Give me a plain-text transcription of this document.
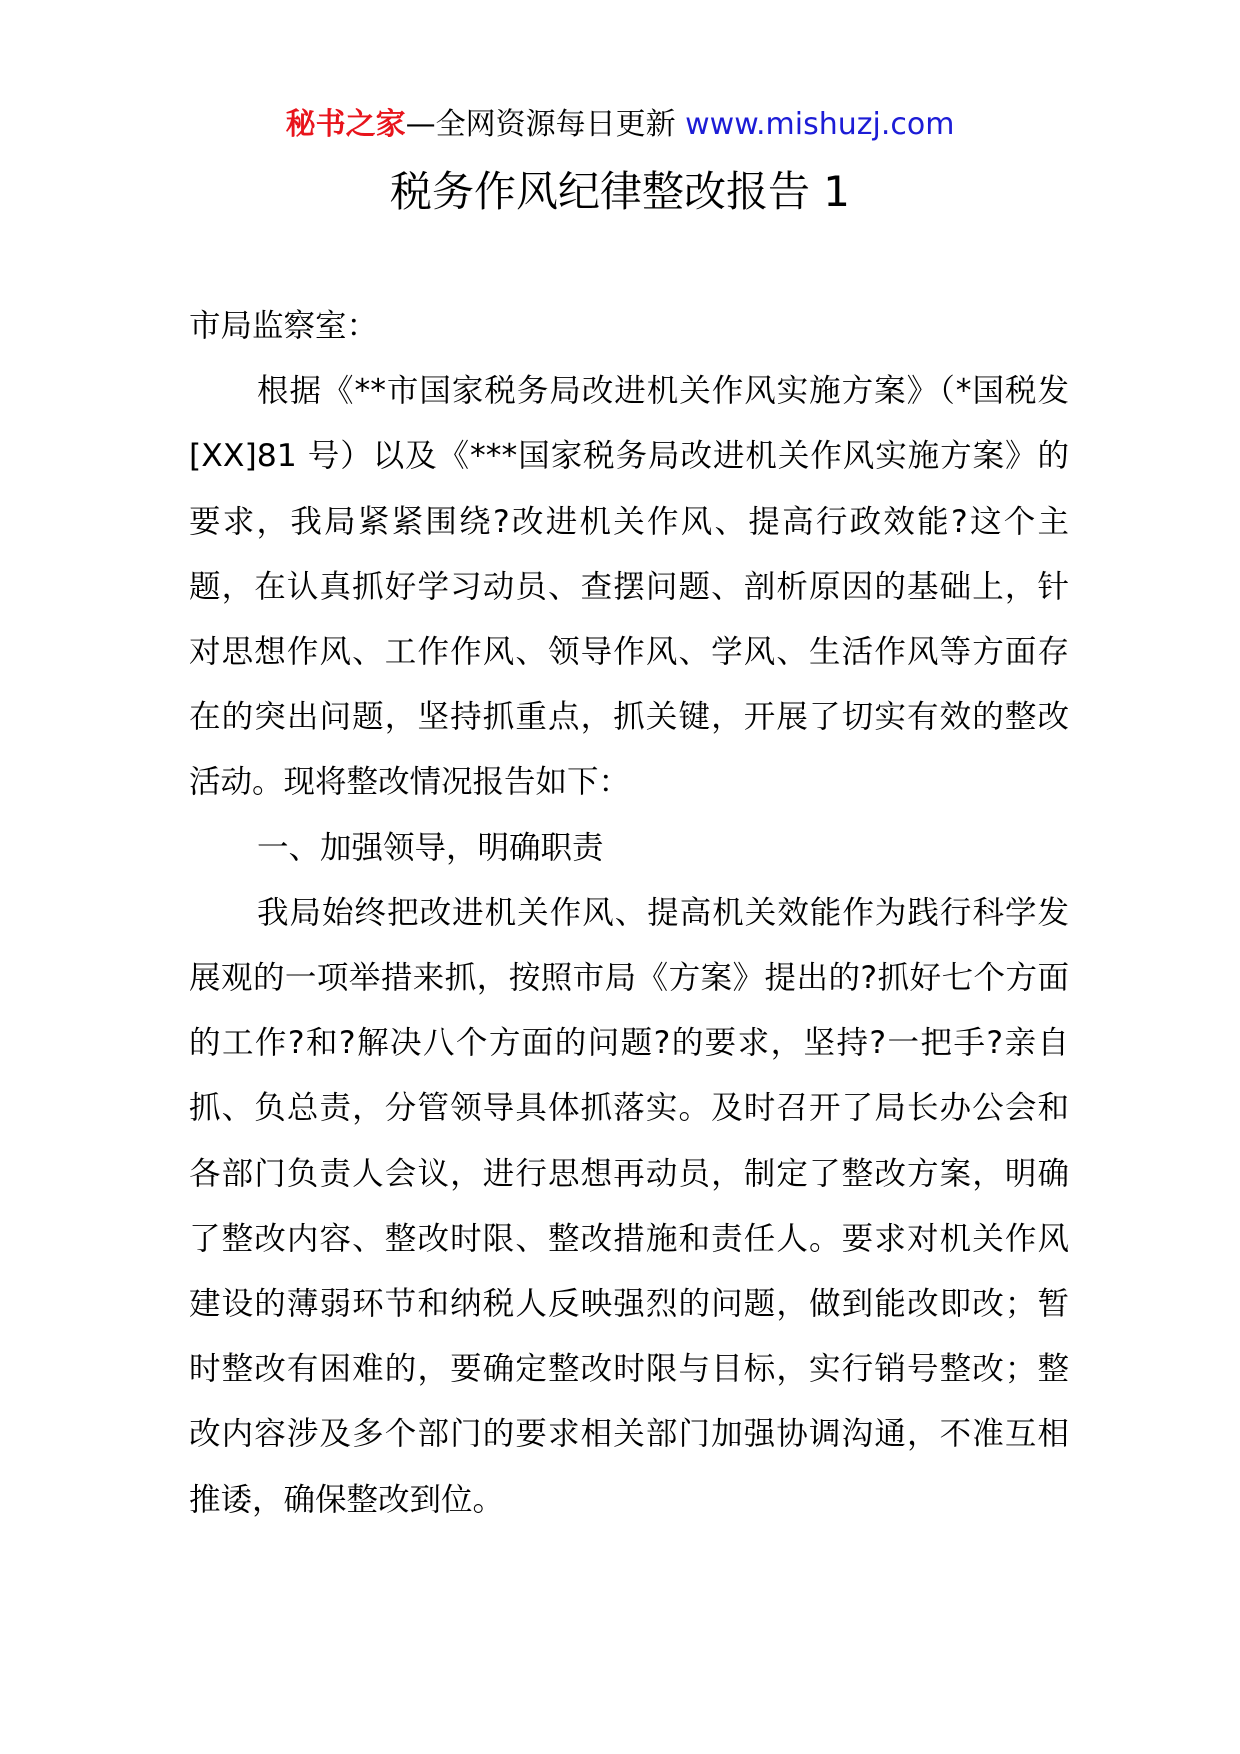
秘书之家—全网资源每日更新 www.mishuzj.com
税务作风纪律整改报告 1

市局监察室：

根据《**市国家税务局改进机关作风实施方案》（*国税发[XX]81 号）以及《***国家税务局改进机关作风实施方案》的要求，我局紧紧围绕?改进机关作风、提高行政效能?这个主题，在认真抓好学习动员、查摆问题、剖析原因的基础上，针对思想作风、工作作风、领导作风、学风、生活作风等方面存在的突出问题，坚持抓重点，抓关键，开展了切实有效的整改活动。现将整改情况报告如下：

一、加强领导，明确职责

我局始终把改进机关作风、提高机关效能作为践行科学发展观的一项举措来抓，按照市局《方案》提出的?抓好七个方面的工作?和?解决八个方面的问题?的要求，坚持?一把手?亲自抓、负总责，分管领导具体抓落实。及时召开了局长办公会和各部门负责人会议，进行思想再动员，制定了整改方案，明确了整改内容、整改时限、整改措施和责任人。要求对机关作风建设的薄弱环节和纳税人反映强烈的问题，做到能改即改；暂时整改有困难的，要确定整改时限与目标，实行销号整改；整改内容涉及多个部门的要求相关部门加强协调沟通，不准互相推诿，确保整改到位。
